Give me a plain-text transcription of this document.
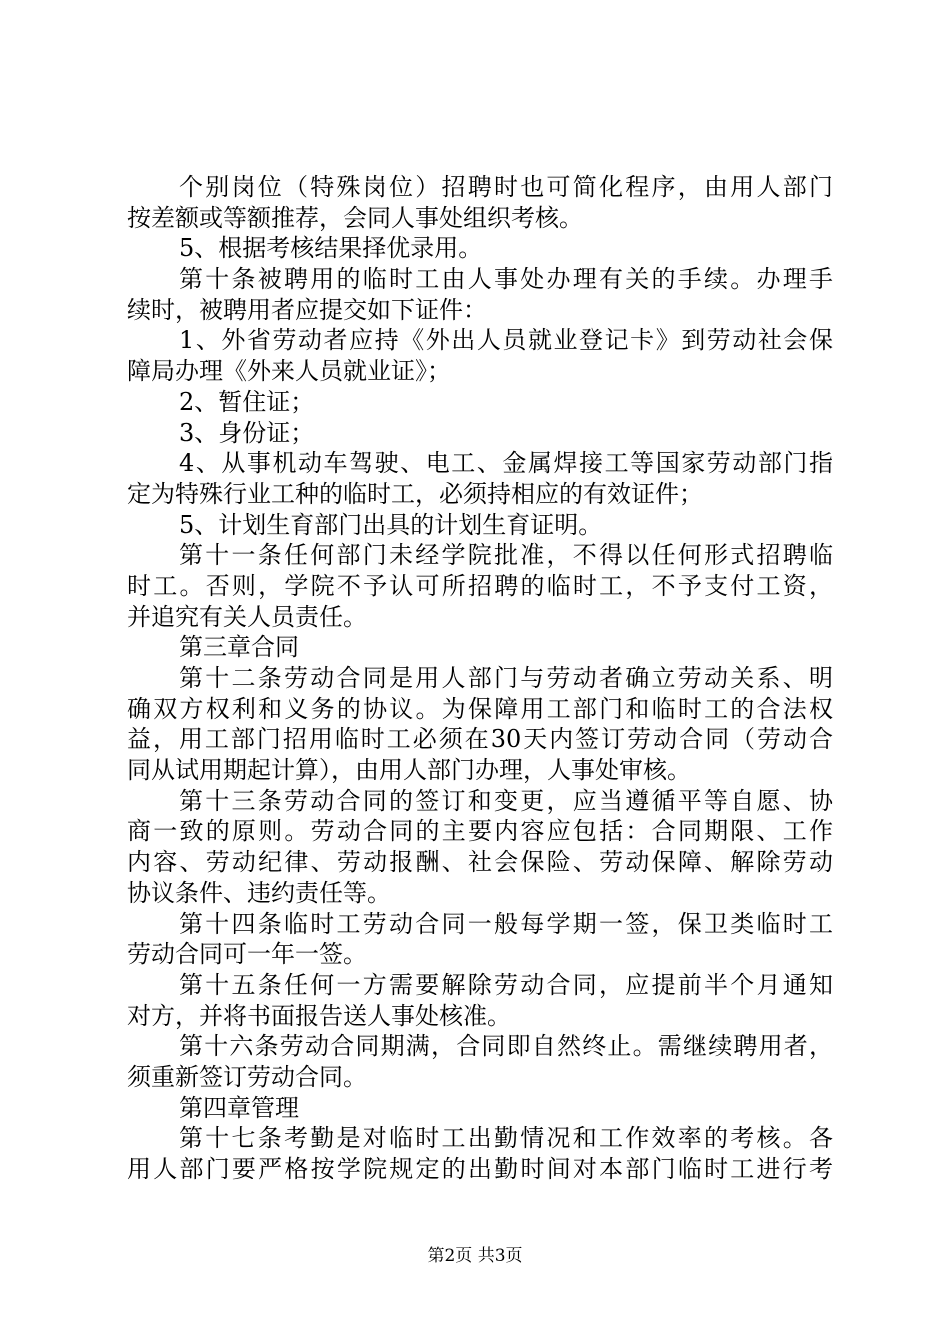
个别岗位（特殊岗位）招聘时也可简化程序，由用人部门
按差额或等额推荐，会同人事处组织考核。
5、根据考核结果择优录用。
第十条被聘用的临时工由人事处办理有关的手续。办理手
续时，被聘用者应提交如下证件：
1、外省劳动者应持《外出人员就业登记卡》到劳动社会保
障局办理《外来人员就业证》；
2、暂住证；
3、身份证；
4、从事机动车驾驶、电工、金属焊接工等国家劳动部门指
定为特殊行业工种的临时工，必须持相应的有效证件；
5、计划生育部门出具的计划生育证明。
第十一条任何部门未经学院批准，不得以任何形式招聘临
时工。否则，学院不予认可所招聘的临时工，不予支付工资，
并追究有关人员责任。
第三章合同
第十二条劳动合同是用人部门与劳动者确立劳动关系、明
确双方权利和义务的协议。为保障用工部门和临时工的合法权
益，用工部门招用临时工必须在30天内签订劳动合同（劳动合
同从试用期起计算），由用人部门办理，人事处审核。
第十三条劳动合同的签订和变更，应当遵循平等自愿、协
商一致的原则。劳动合同的主要内容应包括：合同期限、工作
内容、劳动纪律、劳动报酬、社会保险、劳动保障、解除劳动
协议条件、违约责任等。
第十四条临时工劳动合同一般每学期一签，保卫类临时工
劳动合同可一年一签。
第十五条任何一方需要解除劳动合同，应提前半个月通知
对方，并将书面报告送人事处核准。
第十六条劳动合同期满，合同即自然终止。需继续聘用者，
须重新签订劳动合同。
第四章管理
第十七条考勤是对临时工出勤情况和工作效率的考核。各
用人部门要严格按学院规定的出勤时间对本部门临时工进行考
第2页 共3页
